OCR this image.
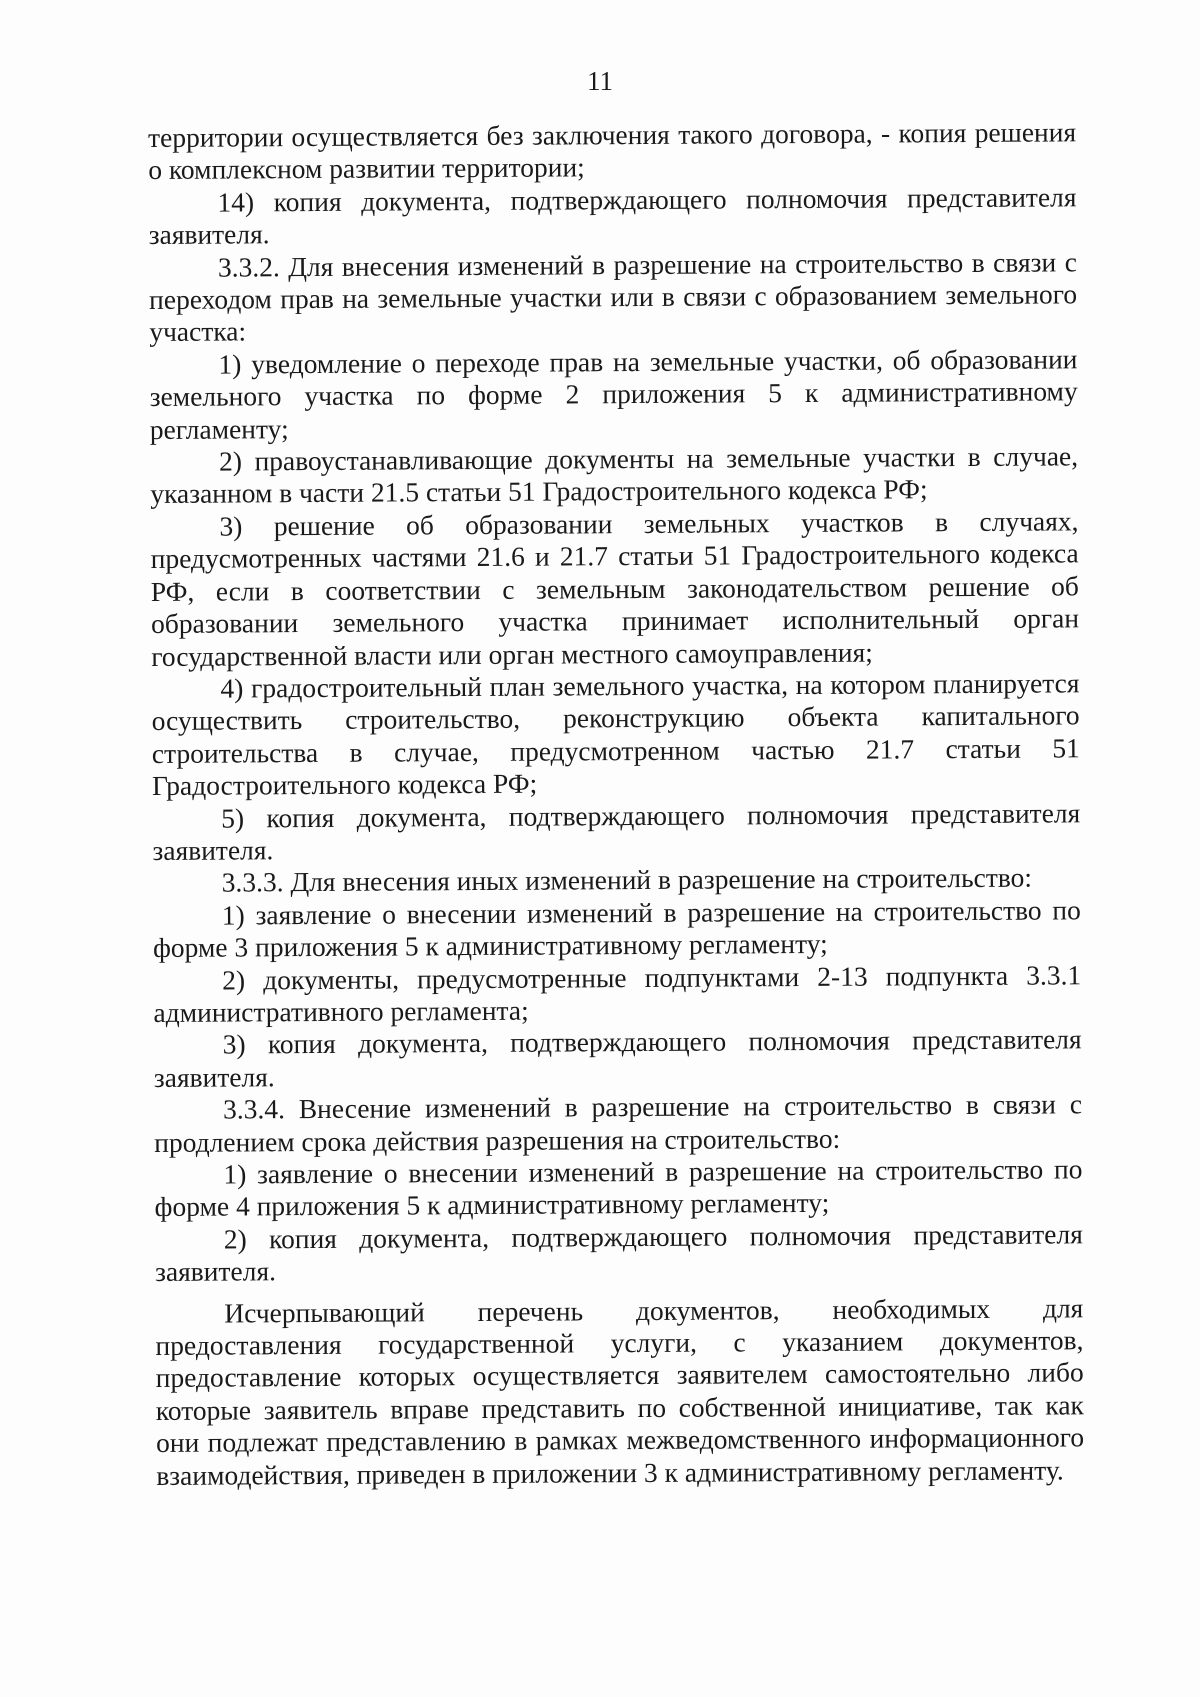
11

территории осуществляется без заключения такого договора, - копия решения о комплексном развитии территории;

14) копия документа, подтверждающего полномочия представителя заявителя.

3.3.2. Для внесения изменений в разрешение на строительство в связи с переходом прав на земельные участки или в связи с образованием земельного участка:

1) уведомление о переходе прав на земельные участки, об образовании земельного участка по форме 2 приложения 5 к административному регламенту;

2) правоустанавливающие документы на земельные участки в случае, указанном в части 21.5 статьи 51 Градостроительного кодекса РФ;

3) решение об образовании земельных участков в случаях, предусмотренных частями 21.6 и 21.7 статьи 51 Градостроительного кодекса РФ, если в соответствии с земельным законодательством решение об образовании земельного участка принимает исполнительный орган государственной власти или орган местного самоуправления;

4) градостроительный план земельного участка, на котором планируется осуществить строительство, реконструкцию объекта капитального строительства в случае, предусмотренном частью 21.7 статьи 51 Градостроительного кодекса РФ;

5) копия документа, подтверждающего полномочия представителя заявителя.

3.3.3. Для внесения иных изменений в разрешение на строительство:

1) заявление о внесении изменений в разрешение на строительство по форме 3 приложения 5 к административному регламенту;

2) документы, предусмотренные подпунктами 2-13 подпункта 3.3.1 административного регламента;

3) копия документа, подтверждающего полномочия представителя заявителя.

3.3.4. Внесение изменений в разрешение на строительство в связи с продлением срока действия разрешения на строительство:

1) заявление о внесении изменений в разрешение на строительство по форме 4 приложения 5 к административному регламенту;

2) копия документа, подтверждающего полномочия представителя заявителя.

Исчерпывающий перечень документов, необходимых для предоставления государственной услуги, с указанием документов, предоставление которых осуществляется заявителем самостоятельно либо которые заявитель вправе представить по собственной инициативе, так как они подлежат представлению в рамках межведомственного информационного взаимодействия, приведен в приложении 3 к административному регламенту.
